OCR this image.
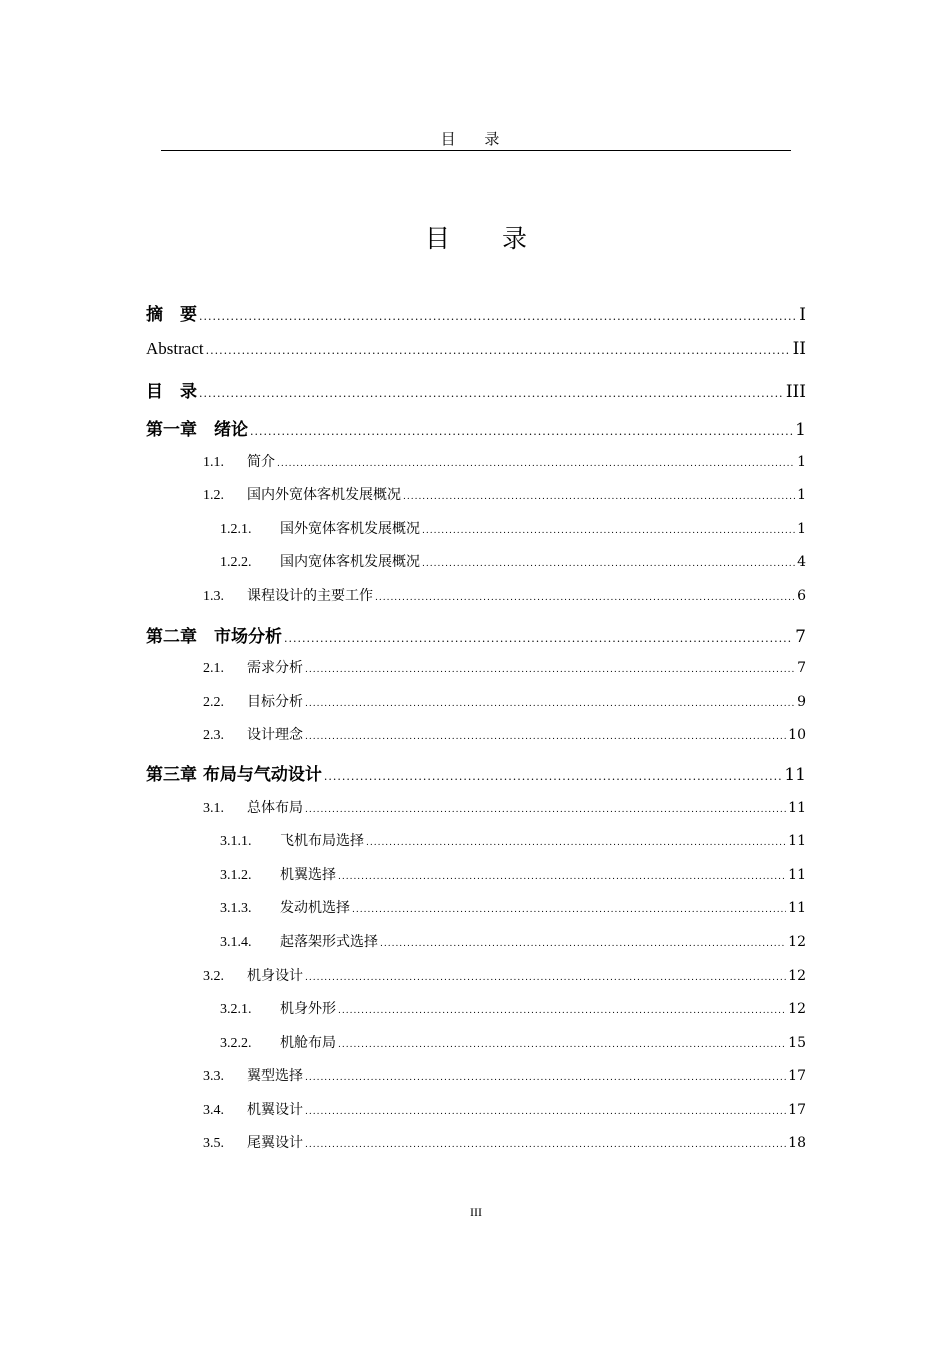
目 录
目 录
摘　要 .....	I
Abstract .....	II
目　录 .....	III
第一章　绪论 .....	1
1.1.	简介 .....	1
1.2.	国内外宽体客机发展概况 .....	1
1.2.1.	国外宽体客机发展概况 .....	1
1.2.2.	国内宽体客机发展概况 .....	4
1.3.	课程设计的主要工作 .....	6
第二章　市场分析 .....	7
2.1.	需求分析 .....	7
2.2.	目标分析 .....	9
2.3.	设计理念 .....	10
第三章 布局与气动设计 .....	11
3.1.	总体布局 .....	11
3.1.1.	飞机布局选择 .....	11
3.1.2.	机翼选择 .....	11
3.1.3.	发动机选择 .....	11
3.1.4.	起落架形式选择 .....	12
3.2.	机身设计 .....	12
3.2.1.	机身外形 .....	12
3.2.2.	机舱布局 .....	15
3.3.	翼型选择 .....	17
3.4.	机翼设计 .....	17
3.5.	尾翼设计 .....	18
III
